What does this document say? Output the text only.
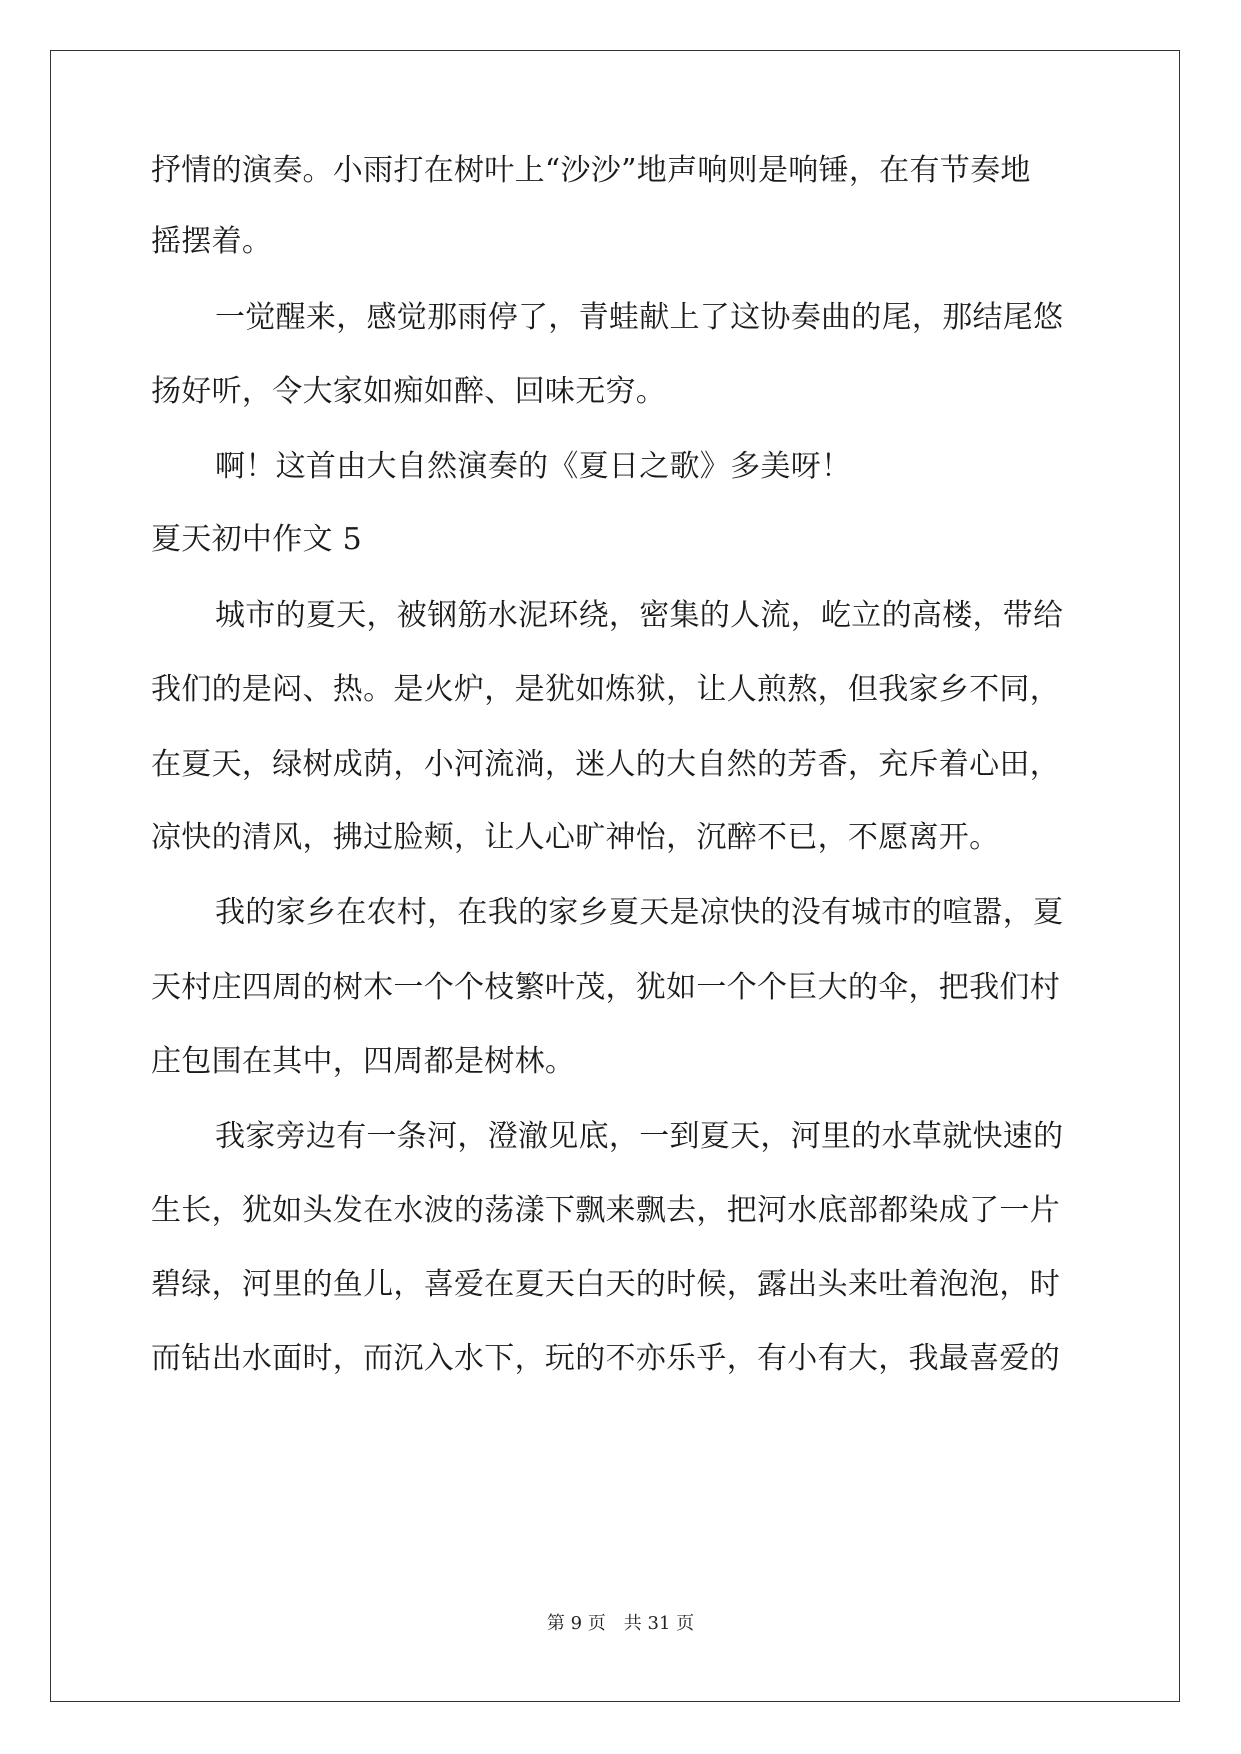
抒情的演奏。小雨打在树叶上“沙沙”地声响则是响锤，在有节奏地

摇摆着。

一觉醒来，感觉那雨停了，青蛙献上了这协奏曲的尾，那结尾悠

扬好听，令大家如痴如醉、回味无穷。

啊！这首由大自然演奏的《夏日之歌》多美呀！

夏天初中作文 5

城市的夏天，被钢筋水泥环绕，密集的人流，屹立的高楼，带给

我们的是闷、热。是火炉，是犹如炼狱，让人煎熬，但我家乡不同，

在夏天，绿树成荫，小河流淌，迷人的大自然的芳香，充斥着心田，

凉快的清风，拂过脸颊，让人心旷神怡，沉醉不已，不愿离开。

我的家乡在农村，在我的家乡夏天是凉快的没有城市的喧嚣，夏

天村庄四周的树木一个个枝繁叶茂，犹如一个个巨大的伞，把我们村

庄包围在其中，四周都是树林。

我家旁边有一条河，澄澈见底，一到夏天，河里的水草就快速的

生长，犹如头发在水波的荡漾下飘来飘去，把河水底部都染成了一片

碧绿，河里的鱼儿，喜爱在夏天白天的时候，露出头来吐着泡泡，时

而钻出水面时，而沉入水下，玩的不亦乐乎，有小有大，我最喜爱的

第 9 页　共 31 页
